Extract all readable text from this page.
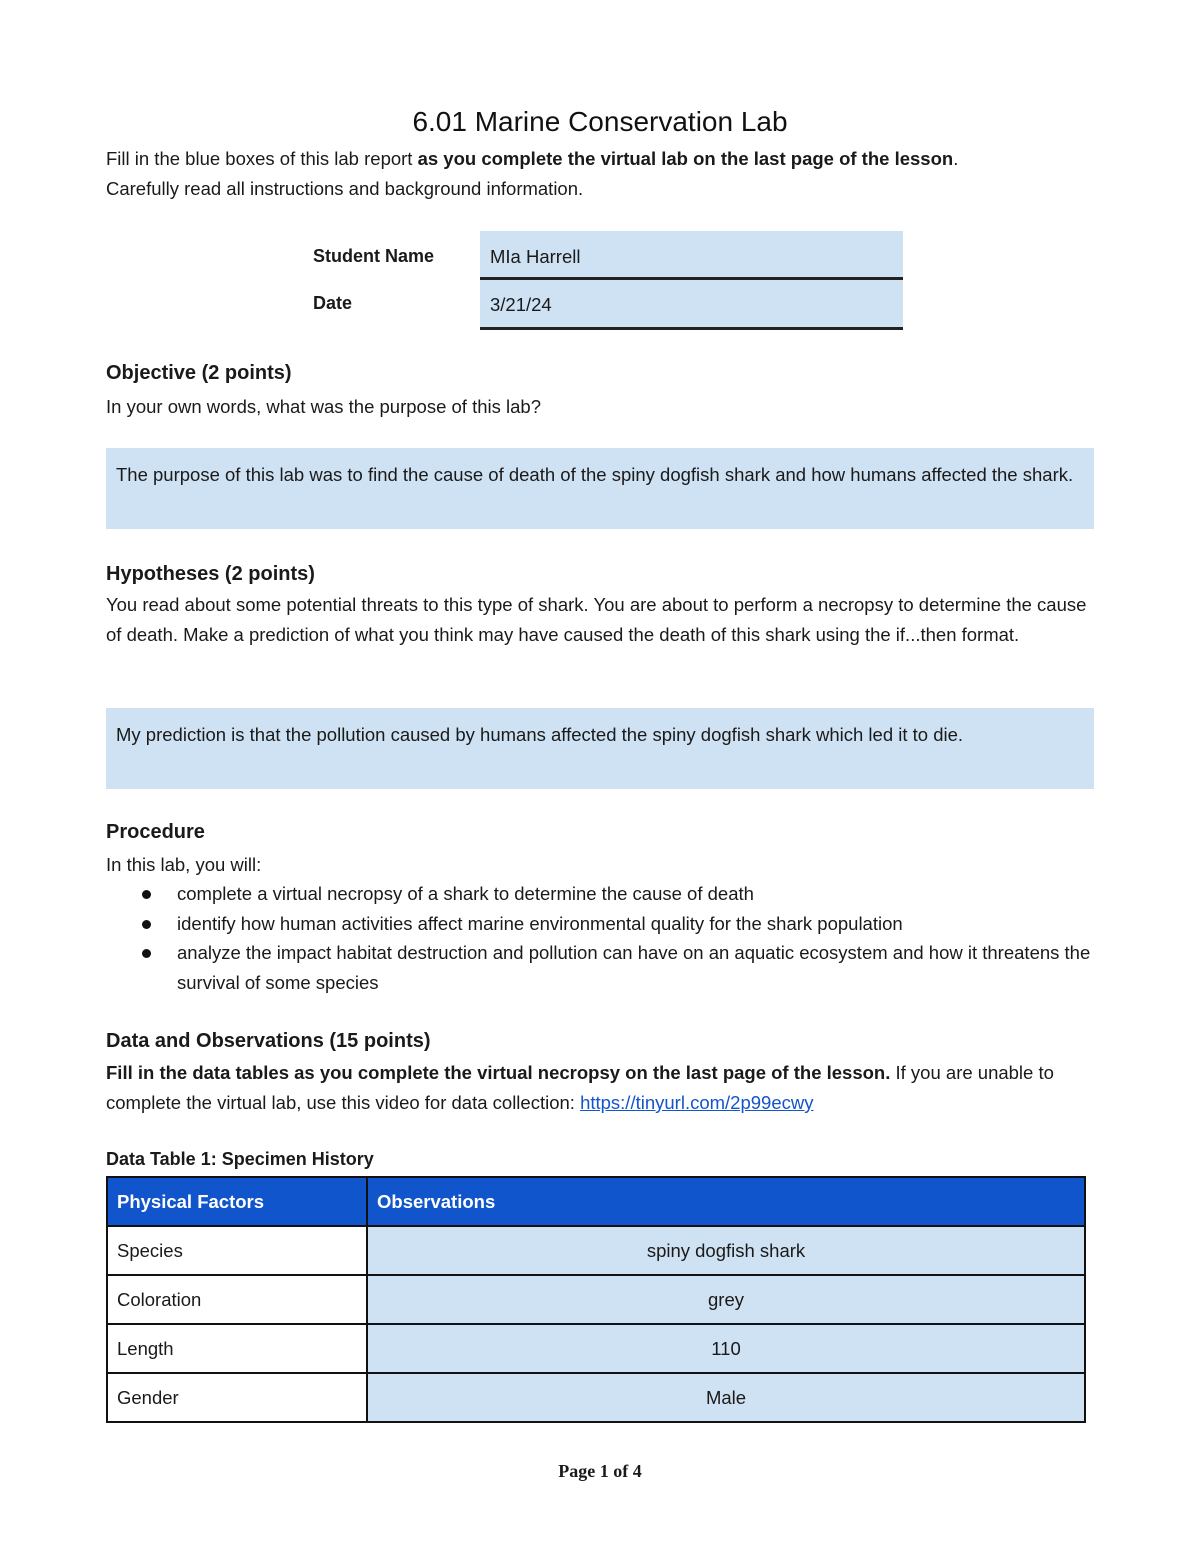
6.01 Marine Conservation Lab
Fill in the blue boxes of this lab report as you complete the virtual lab on the last page of the lesson.
Carefully read all instructions and background information.
Student Name	MIa Harrell
Date	3/21/24
Objective (2 points)
In your own words, what was the purpose of this lab?
The purpose of this lab was to find the cause of death of the spiny dogfish shark and how humans affected the shark.
Hypotheses (2 points)
You read about some potential threats to this type of shark. You are about to perform a necropsy to determine the cause of death. Make a prediction of what you think may have caused the death of this shark using the if...then format.
My prediction is that the pollution caused by humans affected the spiny dogfish shark which led it to die.
Procedure
In this lab, you will:
complete a virtual necropsy of a shark to determine the cause of death
identify how human activities affect marine environmental quality for the shark population
analyze the impact habitat destruction and pollution can have on an aquatic ecosystem and how it threatens the survival of some species
Data and Observations (15 points)
Fill in the data tables as you complete the virtual necropsy on the last page of the lesson. If you are unable to complete the virtual lab, use this video for data collection: https://tinyurl.com/2p99ecwy
Data Table 1: Specimen History
Physical Factors	Observations
Species	spiny dogfish shark
Coloration	grey
Length	110
Gender	Male
Page 1 of 4
